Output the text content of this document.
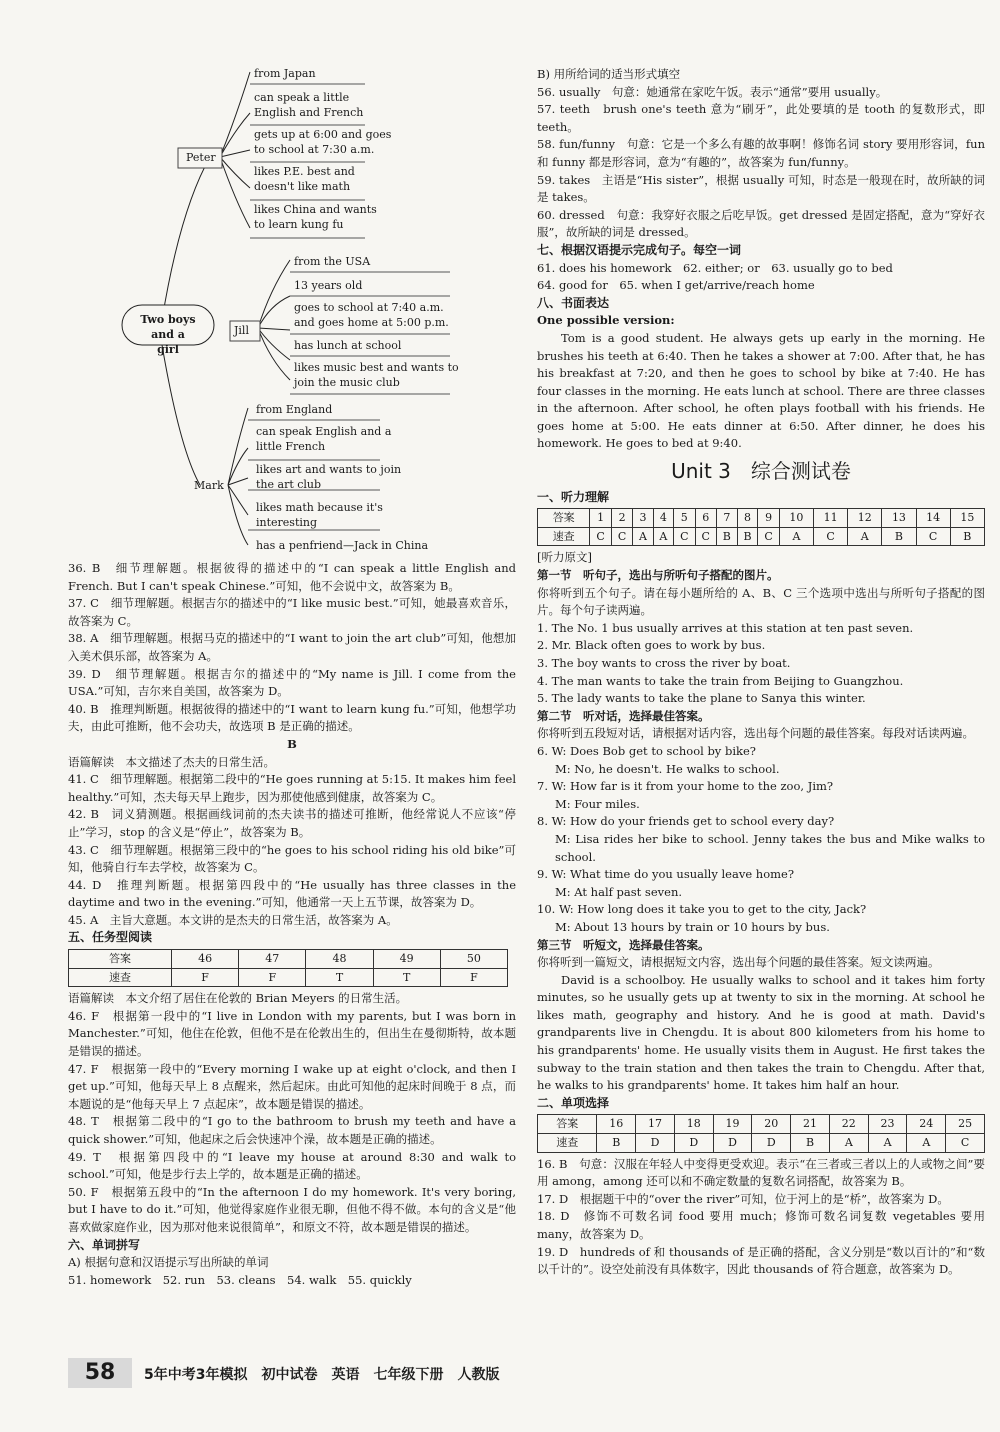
Two boys and a girl
Peter
Jill
Mark
from Japan
can speak a little English and French
gets up at 6:00 and goes to school at 7:30 a.m.
likes P.E. best and doesn't like math
likes China and wants to learn kung fu
from the USA
13 years old
goes to school at 7:40 a.m. and goes home at 5:00 p.m.
has lunch at school
likes music best and wants to join the music club
from England
can speak English and a little French
likes art and wants to join the art club
likes math because it's interesting
has a penfriend—Jack in China

36. B　细节理解题。根据彼得的描述中的“I can speak a little English and French. But I can't speak Chinese.”可知，他不会说中文，故答案为 B。

37. C　细节理解题。根据吉尔的描述中的“I like music best.”可知，她最喜欢音乐，故答案为 C。

38. A　细节理解题。根据马克的描述中的“I want to join the art club”可知，他想加入美术俱乐部，故答案为 A。

39. D　细节理解题。根据吉尔的描述中的“My name is Jill. I come from the USA.”可知，吉尔来自美国，故答案为 D。

40. B　推理判断题。根据彼得的描述中的“I want to learn kung fu.”可知，他想学功夫，由此可推断，他不会功夫，故选项 B 是正确的描述。

B

语篇解读　本文描述了杰夫的日常生活。

41. C　细节理解题。根据第二段中的“He goes running at 5:15. It makes him feel healthy.”可知，杰夫每天早上跑步，因为那使他感到健康，故答案为 C。

42. B　词义猜测题。根据画线词前的杰夫读书的描述可推断，他经常说人不应该“停止”学习，stop 的含义是“停止”，故答案为 B。

43. C　细节理解题。根据第三段中的“he goes to his school riding his old bike”可知，他骑自行车去学校，故答案为 C。

44. D　推理判断题。根据第四段中的“He usually has three classes in the daytime and two in the evening.”可知，他通常一天上五节课，故答案为 D。

45. A　主旨大意题。本文讲的是杰夫的日常生活，故答案为 A。

五、任务型阅读

答案	46	47	48	49	50
速查	F	F	T	T	F

语篇解读　本文介绍了居住在伦敦的 Brian Meyers 的日常生活。

46. F　根据第一段中的“I live in London with my parents, but I was born in Manchester.”可知，他住在伦敦，但他不是在伦敦出生的，但出生在曼彻斯特，故本题是错误的描述。

47. F　根据第一段中的“Every morning I wake up at eight o'clock, and then I get up.”可知，他每天早上 8 点醒来，然后起床。由此可知他的起床时间晚于 8 点，而本题说的是“他每天早上 7 点起床”，故本题是错误的描述。

48. T　根据第二段中的“I go to the bathroom to brush my teeth and have a quick shower.”可知，他起床之后会快速冲个澡，故本题是正确的描述。

49. T　根据第四段中的“I leave my house at around 8:30 and walk to school.”可知，他是步行去上学的，故本题是正确的描述。

50. F　根据第五段中的“In the afternoon I do my homework. It's very boring, but I have to do it.”可知，他觉得家庭作业很无聊，但他不得不做。本句的含义是“他喜欢做家庭作业，因为那对他来说很简单”，和原文不符，故本题是错误的描述。

六、单词拼写

A) 根据句意和汉语提示写出所缺的单词

51. homework　52. run　53. cleans　54. walk　55. quickly

B) 用所给词的适当形式填空

56. usually　句意：她通常在家吃午饭。表示“通常”要用 usually。

57. teeth　brush one's teeth 意为“刷牙”，此处要填的是 tooth 的复数形式，即 teeth。

58. fun/funny　句意：它是一个多么有趣的故事啊！修饰名词 story 要用形容词，fun 和 funny 都是形容词，意为“有趣的”，故答案为 fun/funny。

59. takes　主语是“His sister”，根据 usually 可知，时态是一般现在时，故所缺的词是 takes。

60. dressed　句意：我穿好衣服之后吃早饭。get dressed 是固定搭配，意为“穿好衣服”，故所缺的词是 dressed。

七、根据汉语提示完成句子。每空一词

61. does his homework　62. either; or　63. usually go to bed

64. good for　65. when I get/arrive/reach home

八、书面表达

One possible version:

Tom is a good student. He always gets up early in the morning. He brushes his teeth at 6:40. Then he takes a shower at 7:00. After that, he has his breakfast at 7:20, and then he goes to school by bike at 7:40. He has four classes in the morning. He eats lunch at school. There are three classes in the afternoon. After school, he often plays football with his friends. He goes home at 5:00. He eats dinner at 6:50. After dinner, he does his homework. He goes to bed at 9:40.

Unit 3　综合测试卷

一、听力理解

答案	1	2	3	4	5	6	7	8	9	10	11	12	13	14	15
速查	C	C	A	A	C	C	B	B	C	A	C	A	B	C	B

[听力原文]

第一节　听句子，选出与所听句子搭配的图片。

你将听到五个句子。请在每小题所给的 A、B、C 三个选项中选出与所听句子搭配的图片。每个句子读两遍。

1. The No. 1 bus usually arrives at this station at ten past seven.

2. Mr. Black often goes to work by bus.

3. The boy wants to cross the river by boat.

4. The man wants to take the train from Beijing to Guangzhou.

5. The lady wants to take the plane to Sanya this winter.

第二节　听对话，选择最佳答案。

你将听到五段短对话，请根据对话内容，选出每个问题的最佳答案。每段对话读两遍。

6. W: Does Bob get to school by bike?

M: No, he doesn't. He walks to school.

7. W: How far is it from your home to the zoo, Jim?

M: Four miles.

8. W: How do your friends get to school every day?

M: Lisa rides her bike to school. Jenny takes the bus and Mike walks to school.

9. W: What time do you usually leave home?

M: At half past seven.

10. W: How long does it take you to get to the city, Jack?

M: About 13 hours by train or 10 hours by bus.

第三节　听短文，选择最佳答案。

你将听到一篇短文，请根据短文内容，选出每个问题的最佳答案。短文读两遍。

David is a schoolboy. He usually walks to school and it takes him forty minutes, so he usually gets up at twenty to six in the morning. At school he likes math, geography and history. And he is good at math. David's grandparents live in Chengdu. It is about 800 kilometers from his home to his grandparents' home. He usually visits them in August. He first takes the subway to the train station and then takes the train to Chengdu. After that, he walks to his grandparents' home. It takes him half an hour.

二、单项选择

答案	16	17	18	19	20	21	22	23	24	25
速查	B	D	D	D	D	B	A	A	A	C

16. B　句意：汉服在年轻人中变得更受欢迎。表示“在三者或三者以上的人或物之间”要用 among，among 还可以和不确定数量的复数名词搭配，故答案为 B。

17. D　根据题干中的“over the river”可知，位于河上的是“桥”，故答案为 D。

18. D　修饰不可数名词 food 要用 much；修饰可数名词复数 vegetables 要用 many，故答案为 D。

19. D　hundreds of 和 thousands of 是正确的搭配，含义分别是“数以百计的”和“数以千计的”。设空处前没有具体数字，因此 thousands of 符合题意，故答案为 D。

58	5年中考3年模拟　初中试卷　英语　七年级下册　人教版
